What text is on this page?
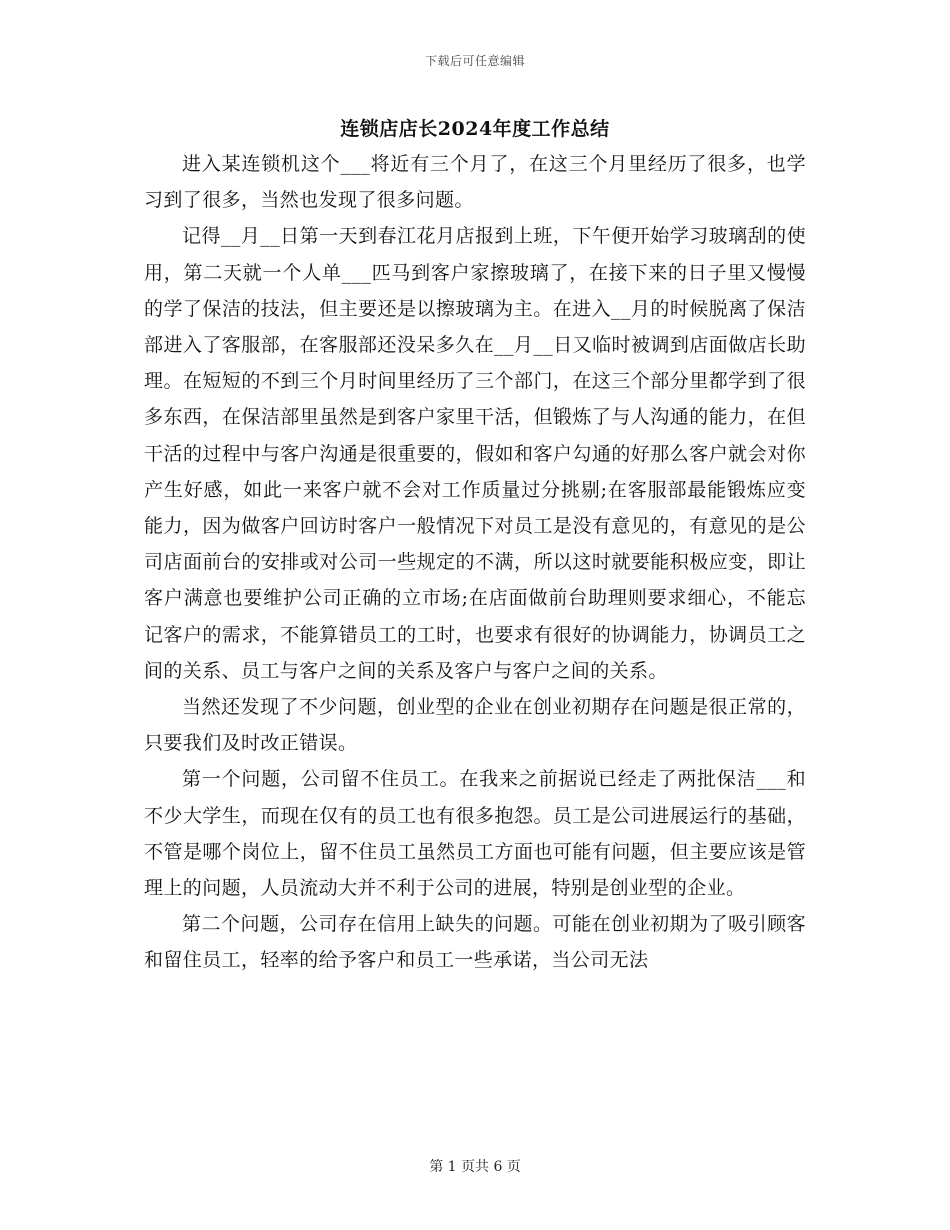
下载后可任意编辑
连锁店店长2024年度工作总结

进入某连锁机这个___将近有三个月了，在这三个月里经历了很多，也学习到了很多，当然也发现了很多问题。

记得__月__日第一天到春江花月店报到上班，下午便开始学习玻璃刮的使用，第二天就一个人单___匹马到客户家擦玻璃了，在接下来的日子里又慢慢的学了保洁的技法，但主要还是以擦玻璃为主。在进入__月的时候脱离了保洁部进入了客服部，在客服部还没呆多久在__月__日又临时被调到店面做店长助理。在短短的不到三个月时间里经历了三个部门，在这三个部分里都学到了很多东西，在保洁部里虽然是到客户家里干活，但锻炼了与人沟通的能力，在但干活的过程中与客户沟通是很重要的，假如和客户勾通的好那么客户就会对你产生好感，如此一来客户就不会对工作质量过分挑剔;在客服部最能锻炼应变能力，因为做客户回访时客户一般情况下对员工是没有意见的，有意见的是公司店面前台的安排或对公司一些规定的不满，所以这时就要能积极应变，即让客户满意也要维护公司正确的立市场;在店面做前台助理则要求细心，不能忘记客户的需求，不能算错员工的工时，也要求有很好的协调能力，协调员工之间的关系、员工与客户之间的关系及客户与客户之间的关系。

当然还发现了不少问题，创业型的企业在创业初期存在问题是很正常的，只要我们及时改正错误。

第一个问题，公司留不住员工。在我来之前据说已经走了两批保洁___和不少大学生，而现在仅有的员工也有很多抱怨。员工是公司进展运行的基础，不管是哪个岗位上，留不住员工虽然员工方面也可能有问题，但主要应该是管理上的问题，人员流动大并不利于公司的进展，特别是创业型的企业。

第二个问题，公司存在信用上缺失的问题。可能在创业初期为了吸引顾客和留住员工，轻率的给予客户和员工一些承诺，当公司无法

第 1 页共 6 页
